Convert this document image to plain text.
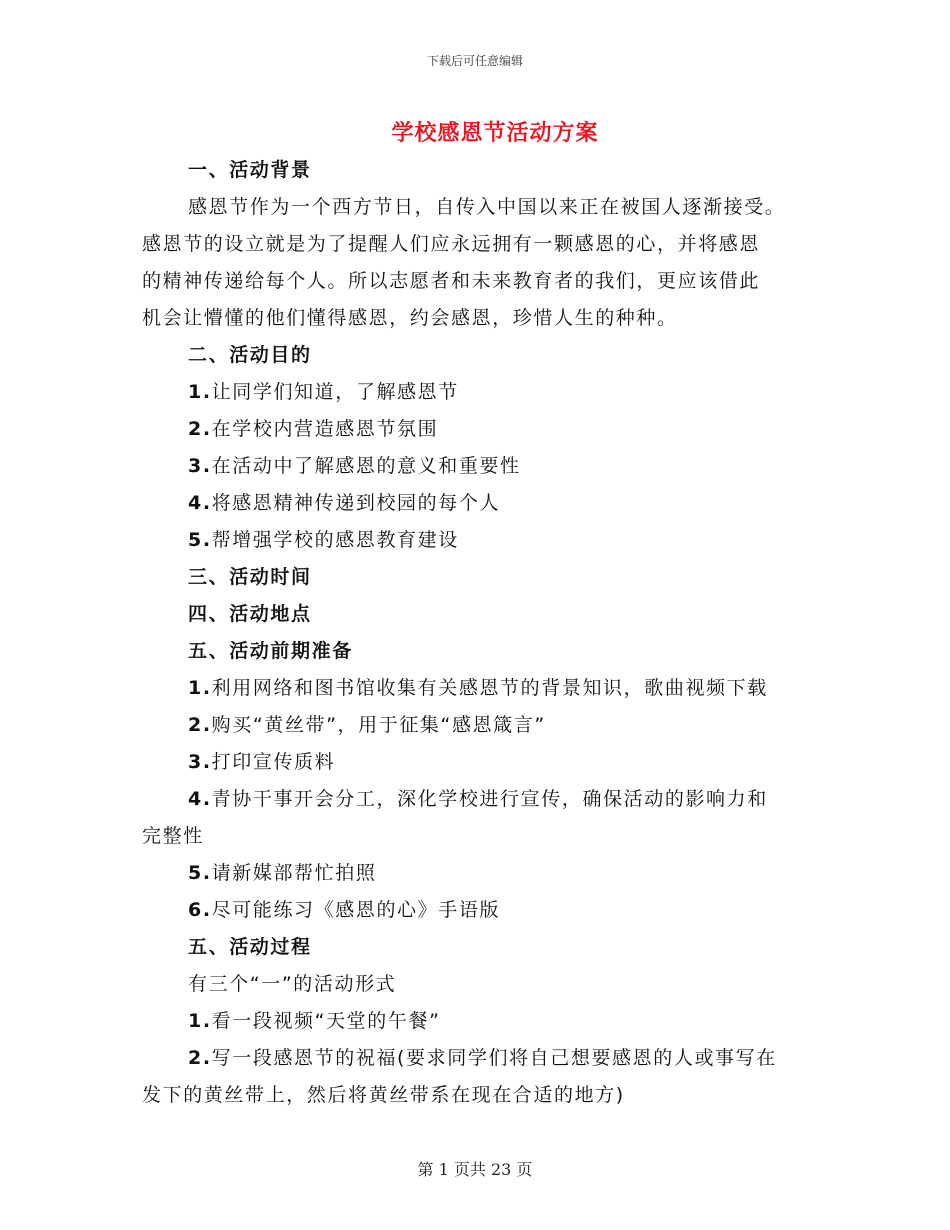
下载后可任意编辑
学校感恩节活动方案
一、活动背景
感恩节作为一个西方节日，自传入中国以来正在被国人逐渐接受。
感恩节的设立就是为了提醒人们应永远拥有一颗感恩的心，并将感恩
的精神传递给每个人。所以志愿者和未来教育者的我们，更应该借此
机会让懵懂的他们懂得感恩，约会感恩，珍惜人生的种种。
二、活动目的
1.让同学们知道，了解感恩节
2.在学校内营造感恩节氛围
3.在活动中了解感恩的意义和重要性
4.将感恩精神传递到校园的每个人
5.帮增强学校的感恩教育建设
三、活动时间
四、活动地点
五、活动前期准备
1.利用网络和图书馆收集有关感恩节的背景知识，歌曲视频下载
2.购买“黄丝带”，用于征集“感恩箴言”
3.打印宣传质料
4.青协干事开会分工，深化学校进行宣传，确保活动的影响力和
完整性
5.请新媒部帮忙拍照
6.尽可能练习《感恩的心》手语版
五、活动过程
有三个“一”的活动形式
1.看一段视频“天堂的午餐”
2.写一段感恩节的祝福(要求同学们将自己想要感恩的人或事写在
发下的黄丝带上，然后将黄丝带系在现在合适的地方)
第 1 页共 23 页
